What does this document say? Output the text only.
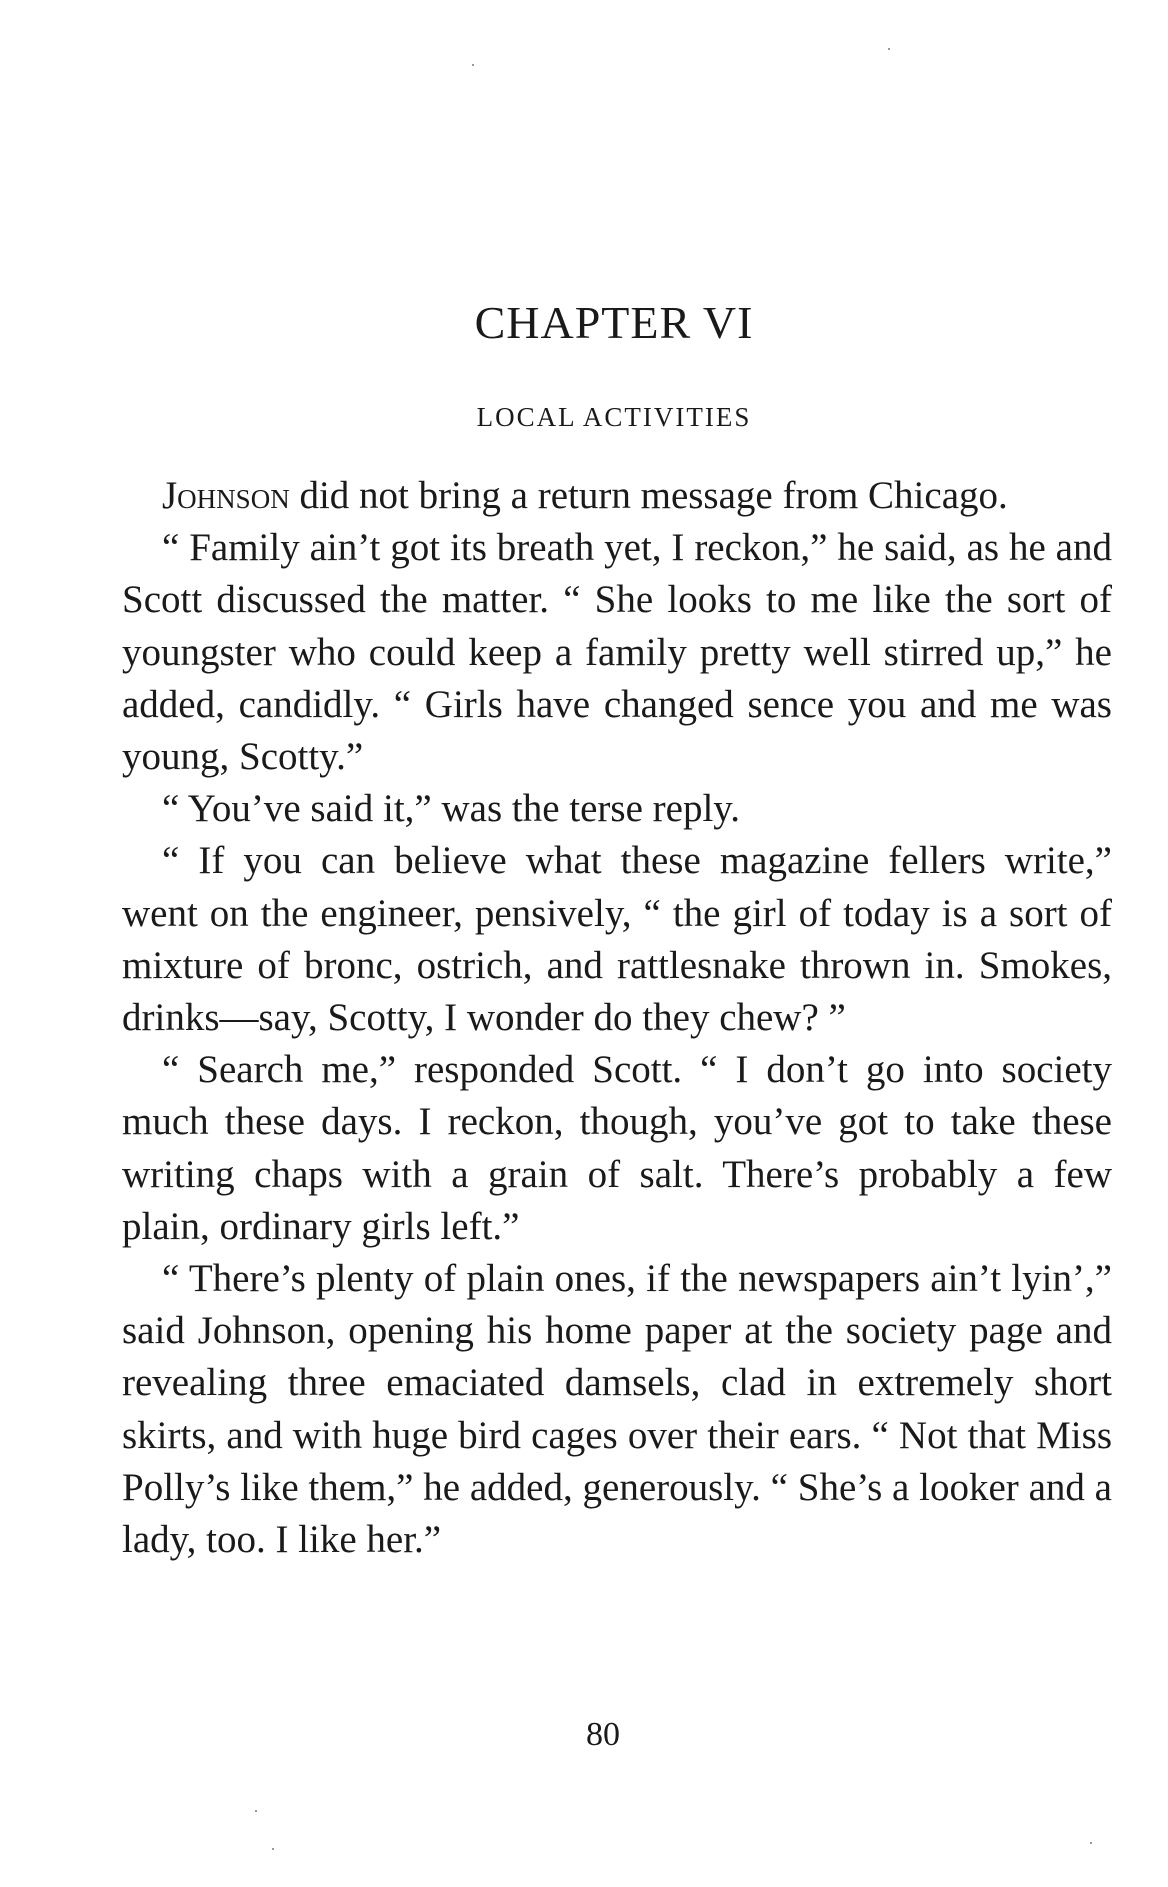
CHAPTER VI
LOCAL ACTIVITIES

Johnson did not bring a return message from Chicago.

“ Family ain’t got its breath yet, I reckon,” he said, as he and Scott discussed the matter. “ She looks to me like the sort of youngster who could keep a family pretty well stirred up,” he added, candidly. “ Girls have changed sence you and me was young, Scotty.”

“ You’ve said it,” was the terse reply.

“ If you can believe what these magazine fellers write,” went on the engineer, pensively, “ the girl of today is a sort of mixture of bronc, ostrich, and rattlesnake thrown in. Smokes, drinks—say, Scotty, I wonder do they chew? ”

“ Search me,” responded Scott. “ I don’t go into society much these days. I reckon, though, you’ve got to take these writing chaps with a grain of salt. There’s probably a few plain, ordinary girls left.”

“ There’s plenty of plain ones, if the newspapers ain’t lyin’,” said Johnson, opening his home paper at the society page and revealing three emaciated damsels, clad in extremely short skirts, and with huge bird cages over their ears. “ Not that Miss Polly’s like them,” he added, generously. “ She’s a looker and a lady, too. I like her.”

80
